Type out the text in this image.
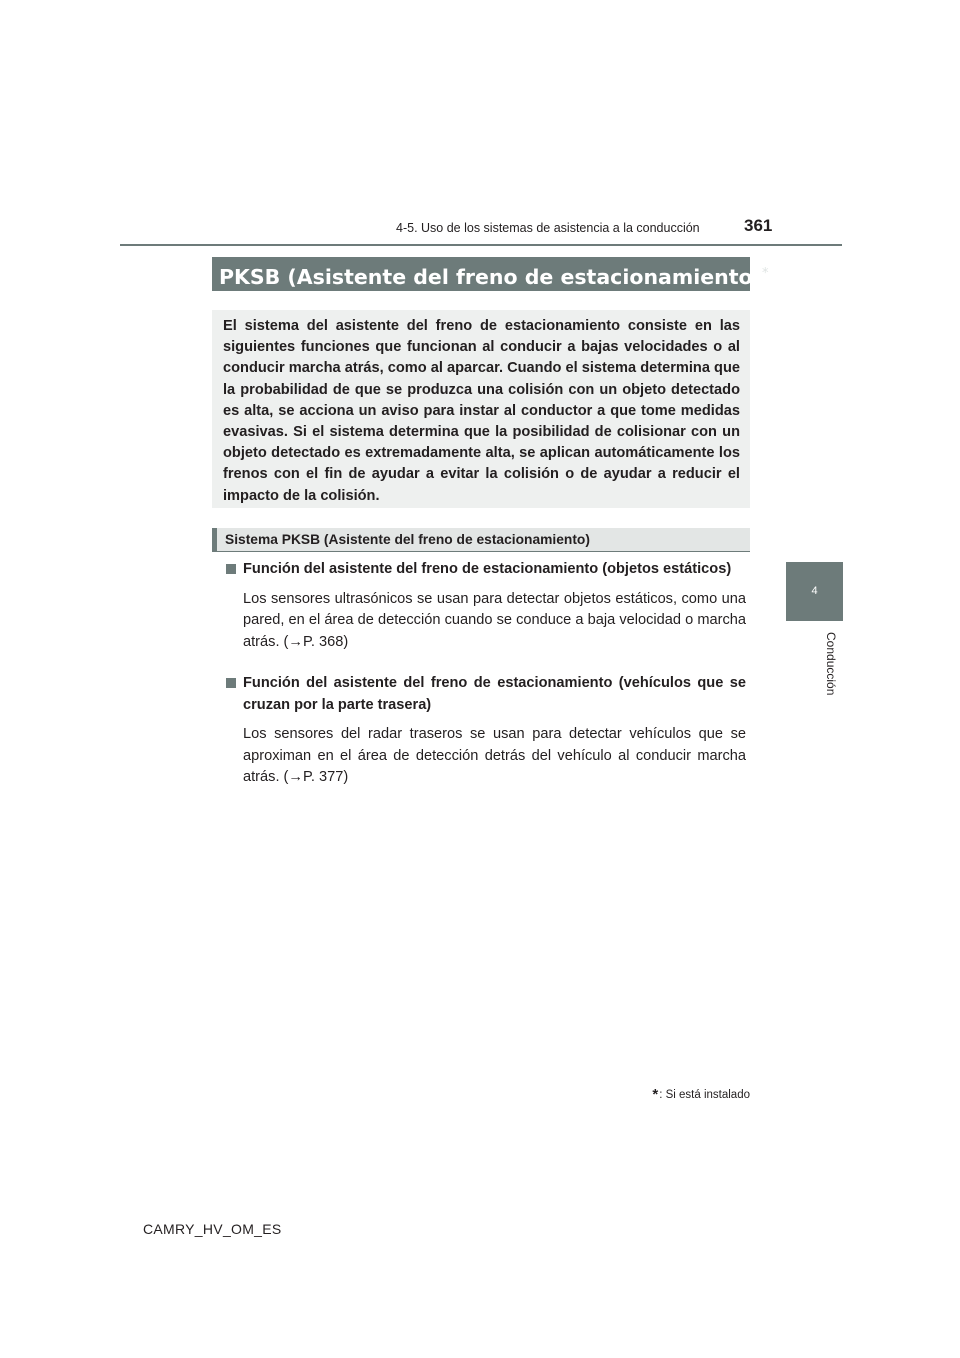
4-5. Uso de los sistemas de asistencia a la conducción	361
4
Conducción
PKSB (Asistente del freno de estacionamiento)*

El sistema del asistente del freno de estacionamiento consiste en las siguientes funciones que funcionan al conducir a bajas velocidades o al conducir marcha atrás, como al aparcar. Cuando el sistema determina que la probabilidad de que se produzca una colisión con un objeto detectado es alta, se acciona un aviso para instar al conductor a que tome medidas evasivas. Si el sistema determina que la posibilidad de colisionar con un objeto detectado es extremadamente alta, se aplican automáticamente los frenos con el fin de ayudar a evitar la colisión o de ayudar a reducir el impacto de la colisión.

Sistema PKSB (Asistente del freno de estacionamiento)
Función del asistente del freno de estacionamiento (objetos estáticos)
Los sensores ultrasónicos se usan para detectar objetos estáticos, como una pared, en el área de detección cuando se conduce a baja velocidad o marcha atrás. (→P. 368)
Función del asistente del freno de estacionamiento (vehículos que se cruzan por la parte trasera)
Los sensores del radar traseros se usan para detectar vehículos que se aproximan en el área de detección detrás del vehículo al conducir marcha atrás. (→P. 377)
*: Si está instalado
CAMRY_HV_OM_ES
